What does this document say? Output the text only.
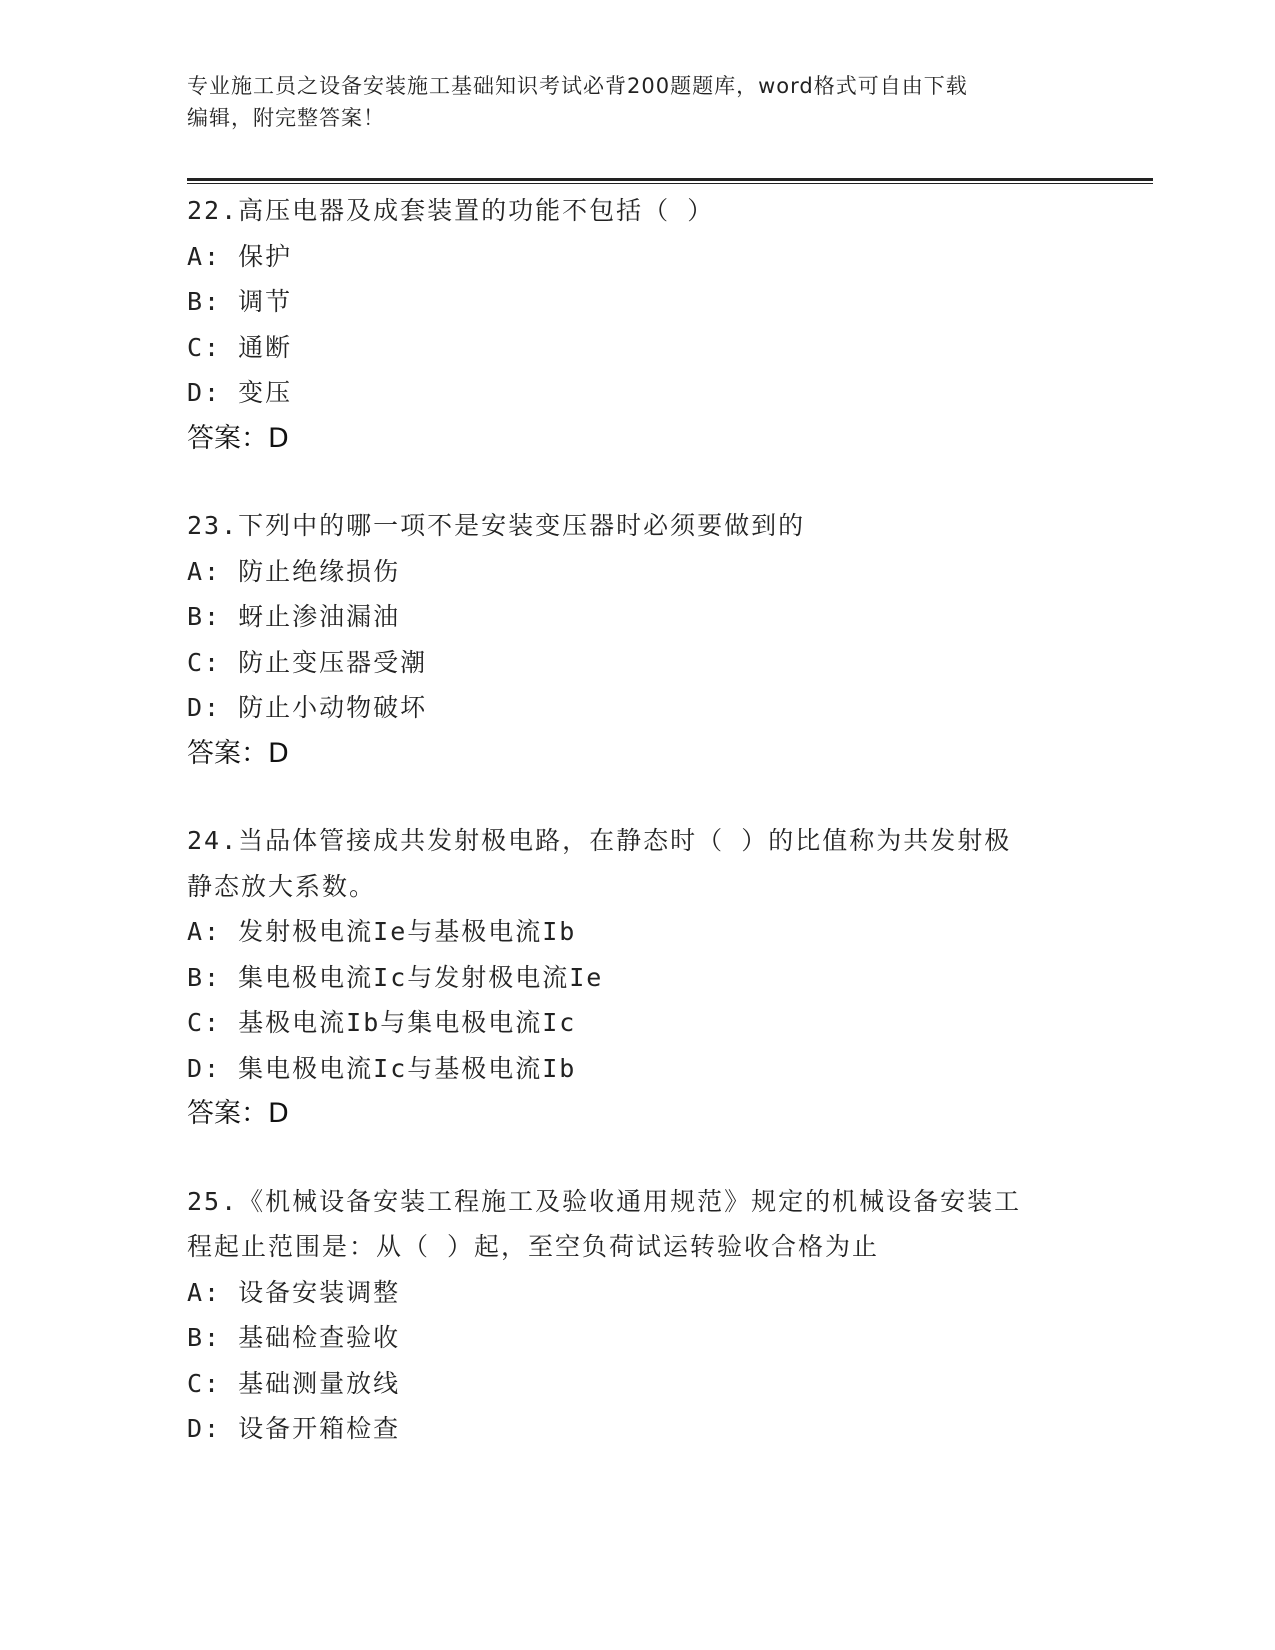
专业施工员之设备安装施工基础知识考试必背200题题库，word格式可自由下载
编辑，附完整答案！

22.高压电器及成套装置的功能不包括（ ）

A: 保护

B: 调节

C: 通断

D: 变压

答案：D

23.下列中的哪一项不是安装变压器时必须要做到的

A: 防止绝缘损伤

B: 蚜止渗油漏油

C: 防止变压器受潮

D: 防止小动物破坏

答案：D

24.当品体管接成共发射极电路，在静态时（ ）的比值称为共发射极

静态放大系数。

A: 发射极电流Ie与基极电流Ib

B: 集电极电流Ic与发射极电流Ie

C: 基极电流Ib与集电极电流Ic

D: 集电极电流Ic与基极电流Ib

答案：D

25.《机械设备安装工程施工及验收通用规范》规定的机械设备安装工

程起止范围是：从（ ）起，至空负荷试运转验收合格为止

A: 设备安装调整

B: 基础检查验收

C: 基础测量放线

D: 设备开箱检查
